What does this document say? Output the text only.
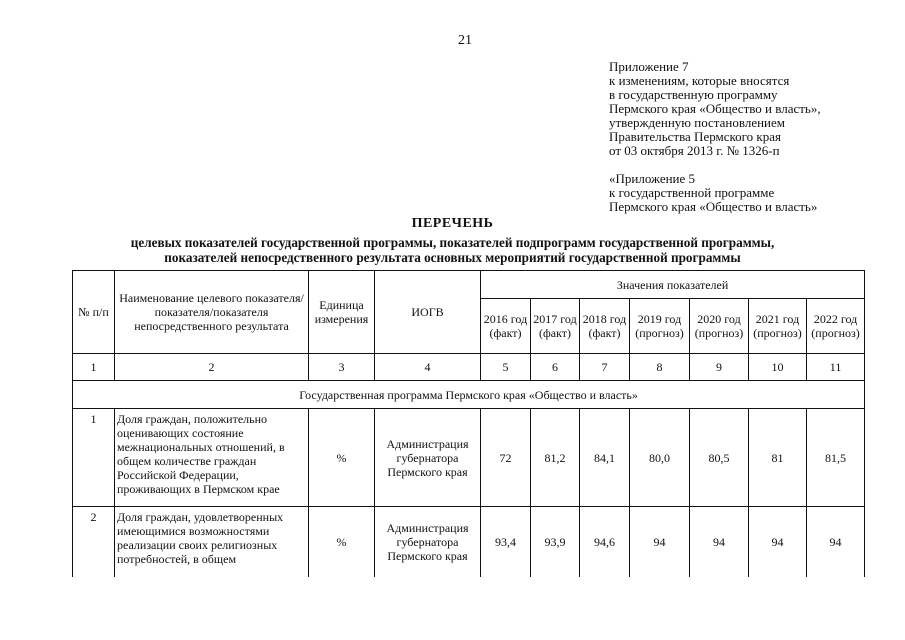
21
Приложение 7
к изменениям, которые вносятся
в государственную программу
Пермского края «Общество и власть»,
утвержденную постановлением
Правительства Пермского края
от 03 октября 2013 г. № 1326-п
«Приложение 5
к государственной программе
Пермского края «Общество и власть»
ПЕРЕЧЕНЬ
целевых показателей государственной программы, показателей подпрограмм государственной программы,
показателей непосредственного результата основных мероприятий государственной программы
№ п/п	Наименование целевого показателя/показателя/показателя непосредственного результата	Единица измерения	ИОГВ	Значения показателей						
				2016 год (факт)	2017 год (факт)	2018 год (факт)	2019 год (прогноз)	2020 год (прогноз)	2021 год (прогноз)	2022 год (прогноз)
1	2	3	4	5	6	7	8	9	10	11
Государственная программа Пермского края «Общество и власть»										
1	Доля граждан, положительно оценивающих состояние межнациональных отношений, в общем количестве граждан Российской Федерации, проживающих в Пермском крае	%	Администрация губернатора Пермского края	72	81,2	84,1	80,0	80,5	81	81,5
2	Доля граждан, удовлетворенных имеющимися возможностями реализации своих религиозных потребностей, в общем	%	Администрация губернатора Пермского края	93,4	93,9	94,6	94	94	94	94
